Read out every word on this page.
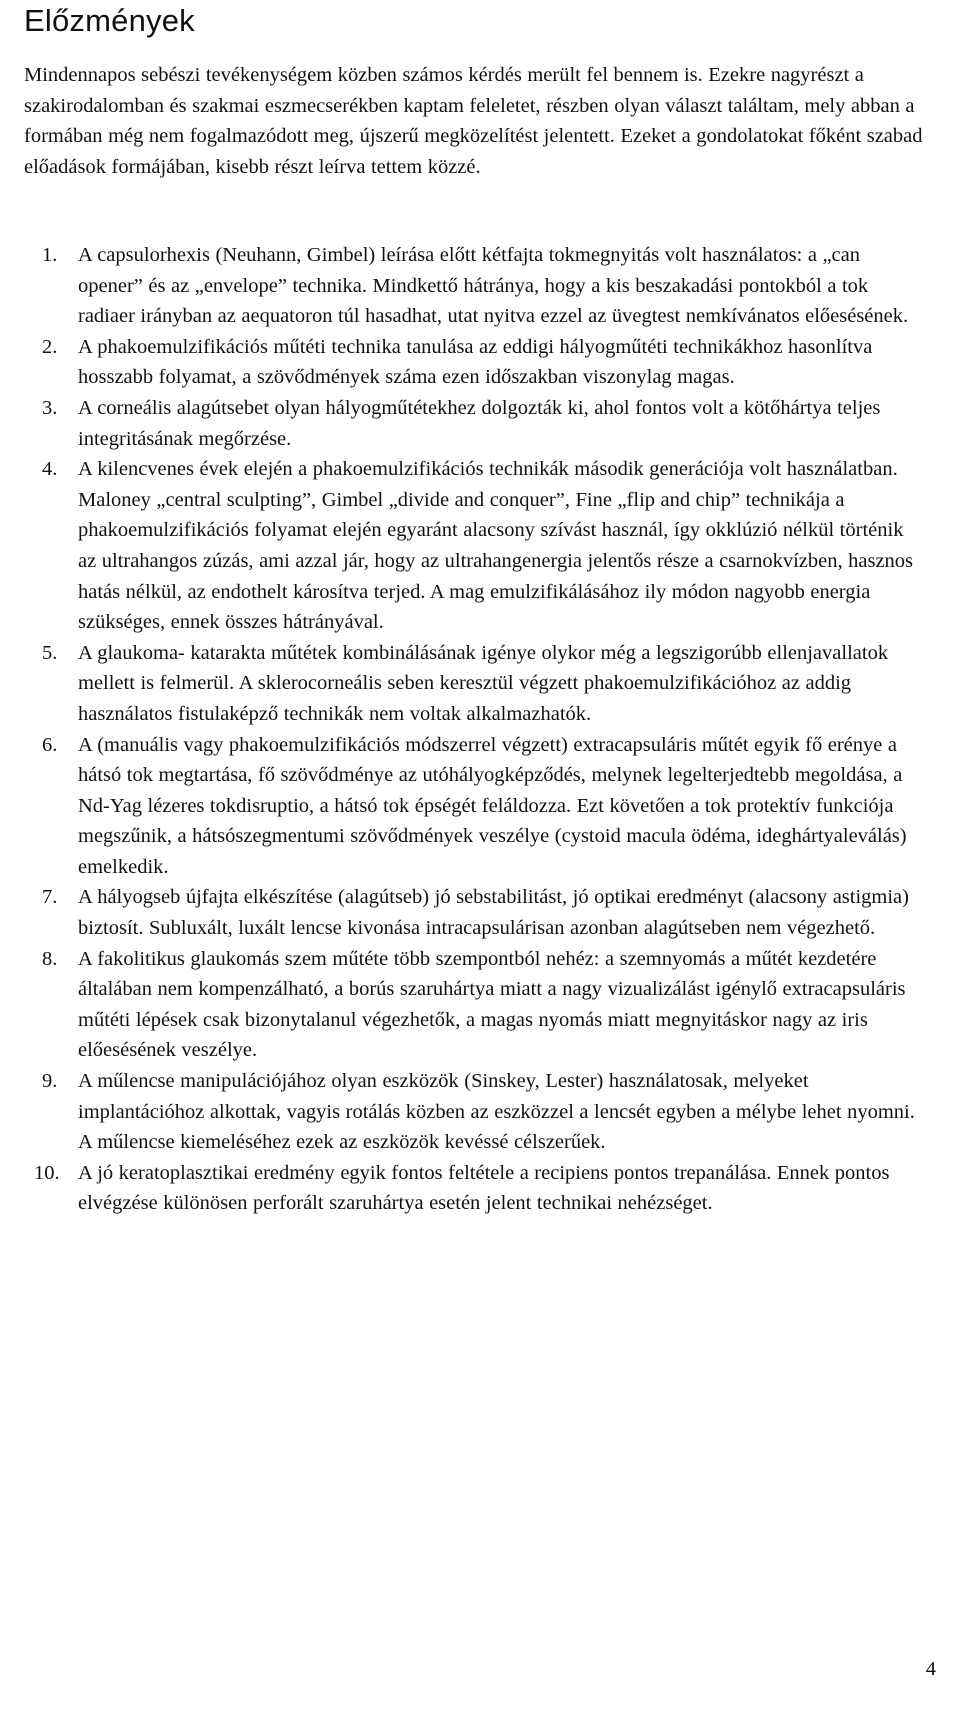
Előzmények

Mindennapos sebészi tevékenységem közben számos kérdés merült fel bennem is. Ezekre nagyrészt a szakirodalomban és szakmai eszmecserékben kaptam feleletet, részben olyan választ találtam, mely abban a formában még nem fogalmazódott meg, újszerű megközelítést jelentett. Ezeket a gondolatokat főként szabad előadások formájában, kisebb részt leírva tettem közzé.

1. A capsulorhexis (Neuhann, Gimbel) leírása előtt kétfajta tokmegnyitás volt használatos: a „can opener” és az „envelope” technika. Mindkettő hátránya, hogy a kis beszakadási pontokból a tok radiaer irányban az aequatoron túl hasadhat, utat nyitva ezzel az üvegtest nemkívánatos előesésének.
2. A phakoemulzifikációs műtéti technika tanulása az eddigi hályogműtéti technikákhoz hasonlítva hosszabb folyamat, a szövődmények száma ezen időszakban viszonylag magas.
3. A corneális alagútsebet olyan hályogműtétekhez dolgozták ki, ahol fontos volt a kötőhártya teljes integritásának megőrzése.
4. A kilencvenes évek elején a phakoemulzifikációs technikák második generációja volt használatban. Maloney „central sculpting”, Gimbel „divide and conquer”, Fine „flip and chip” technikája a phakoemulzifikációs folyamat elején egyaránt alacsony szívást használ, így okklúzió nélkül történik az ultrahangos zúzás, ami azzal jár, hogy az ultrahangenergia jelentős része a csarnokvízben, hasznos hatás nélkül, az endothelt károsítva terjed. A mag emulzifikálásához ily módon nagyobb energia szükséges, ennek összes hátrányával.
5. A glaukoma- katarakta műtétek kombinálásának igénye olykor még a legszigorúbb ellenjavallatok mellett is felmerül. A sklerocorneális seben keresztül végzett phakoemulzifikációhoz az addig használatos fistulaképző technikák nem voltak alkalmazhatók.
6. A (manuális vagy phakoemulzifikációs módszerrel végzett) extracapsuláris műtét egyik fő erénye a hátsó tok megtartása, fő szövődménye az utóhályogképződés, melynek legelterjedtebb megoldása, a Nd-Yag lézeres tokdisruptio, a hátsó tok épségét feláldozza. Ezt követően a tok protektív funkciója megszűnik, a hátsószegmentumi szövődmények veszélye (cystoid macula ödéma, ideghártyaleválás) emelkedik.
7. A hályogseb újfajta elkészítése (alagútseb) jó sebstabilitást, jó optikai eredményt (alacsony astigmia) biztosít. Subluxált, luxált lencse kivonása intracapsulárisan azonban alagútseben nem végezhető.
8. A fakolitikus glaukomás szem műtéte több szempontból nehéz: a szemnyomás a műtét kezdetére általában nem kompenzálható, a borús szaruhártya miatt a nagy vizualizálást igénylő extracapsuláris műtéti lépések csak bizonytalanul végezhetők, a magas nyomás miatt megnyitáskor nagy az iris előesésének veszélye.
9. A műlencse manipulációjához olyan eszközök (Sinskey, Lester) használatosak, melyeket implantációhoz alkottak, vagyis rotálás közben az eszközzel a lencsét egyben a mélybe lehet nyomni. A műlencse kiemeléséhez ezek az eszközök kevéssé célszerűek.
10. A jó keratoplasztikai eredmény egyik fontos feltétele a recipiens pontos trepanálása. Ennek pontos elvégzése különösen perforált szaruhártya esetén jelent technikai nehézséget.
4
